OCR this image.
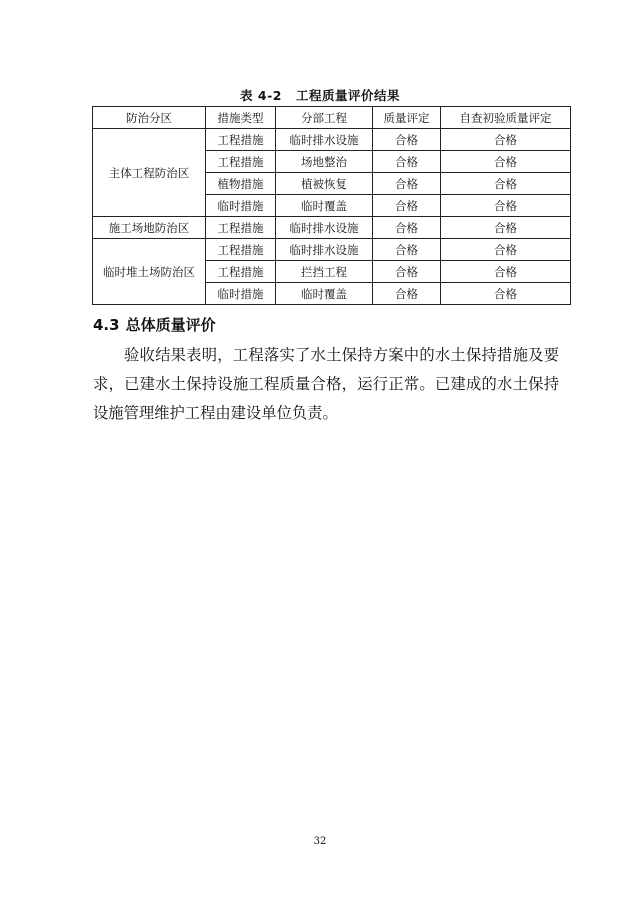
表 4-2 工程质量评价结果
防治分区	措施类型	分部工程	质量评定	自查初验质量评定
主体工程防治区	工程措施	临时排水设施	合格	合格
	工程措施	场地整治	合格	合格
	植物措施	植被恢复	合格	合格
	临时措施	临时覆盖	合格	合格
施工场地防治区	工程措施	临时排水设施	合格	合格
临时堆土场防治区	工程措施	临时排水设施	合格	合格
	工程措施	拦挡工程	合格	合格
	临时措施	临时覆盖	合格	合格
4.3 总体质量评价
验收结果表明，工程落实了水土保持方案中的水土保持措施及要求，已建水土保持设施工程质量合格，运行正常。已建成的水土保持设施管理维护工程由建设单位负责。
32
